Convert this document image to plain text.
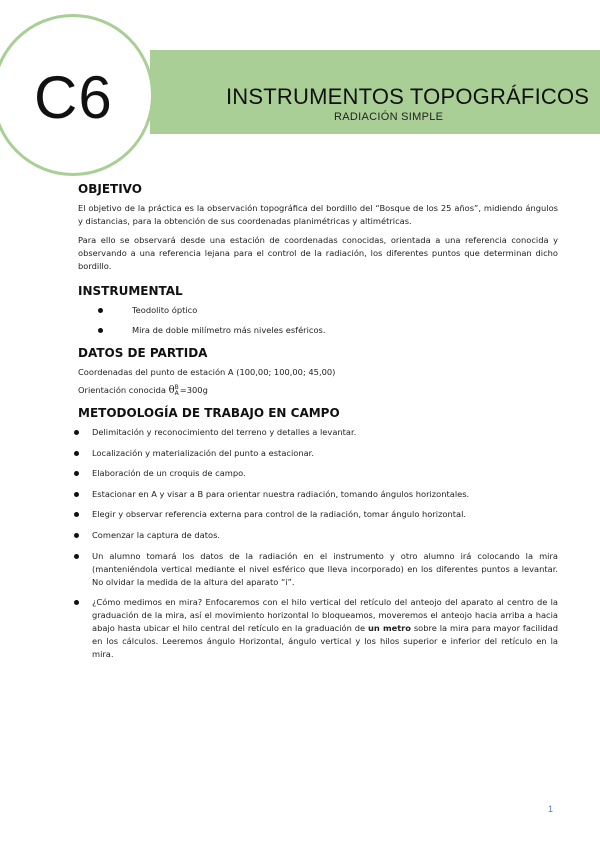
C6	INSTRUMENTOS TOPOGRÁFICOS
RADIACIÓN SIMPLE
OBJETIVO

El objetivo de la práctica es la observación topográfica del bordillo del “Bosque de los 25 años”, midiendo ángulos y distancias, para la obtención de sus coordenadas planimétricas y altimétricas.

Para ello se observará desde una estación de coordenadas conocidas, orientada a una referencia conocida y observando a una referencia lejana para el control de la radiación, los diferentes puntos que determinan dicho bordillo.

INSTRUMENTAL
Teodolito óptico
Mira de doble milímetro más niveles esféricos.
DATOS DE PARTIDA
Coordenadas del punto de estación A (100,00; 100,00; 45,00)
Orientación conocida θ B
A =300g
METODOLOGÍA DE TRABAJO EN CAMPO
Delimitación y reconocimiento del terreno y detalles a levantar.
Localización y materialización del punto a estacionar.
Elaboración de un croquis de campo.
Estacionar en A y visar a B para orientar nuestra radiación, tomando ángulos horizontales.
Elegir y observar referencia externa para control de la radiación, tomar ángulo horizontal.
Comenzar la captura de datos.
Un alumno tomará los datos de la radiación en el instrumento y otro alumno irá colocando la mira (manteniéndola vertical mediante el nivel esférico que lleva incorporado) en los diferentes puntos a levantar. No olvidar la medida de la altura del aparato “i”.
¿Cómo medimos en mira? Enfocaremos con el hilo vertical del retículo del anteojo del aparato al centro de la graduación de la mira, así el movimiento horizontal lo bloqueamos, moveremos el anteojo hacia arriba a hacia abajo hasta ubicar el hilo central del retículo en la graduación de un metro sobre la mira para mayor facilidad en los cálculos. Leeremos ángulo Horizontal, ángulo vertical y los hilos superior e inferior del retículo en la mira.
1
